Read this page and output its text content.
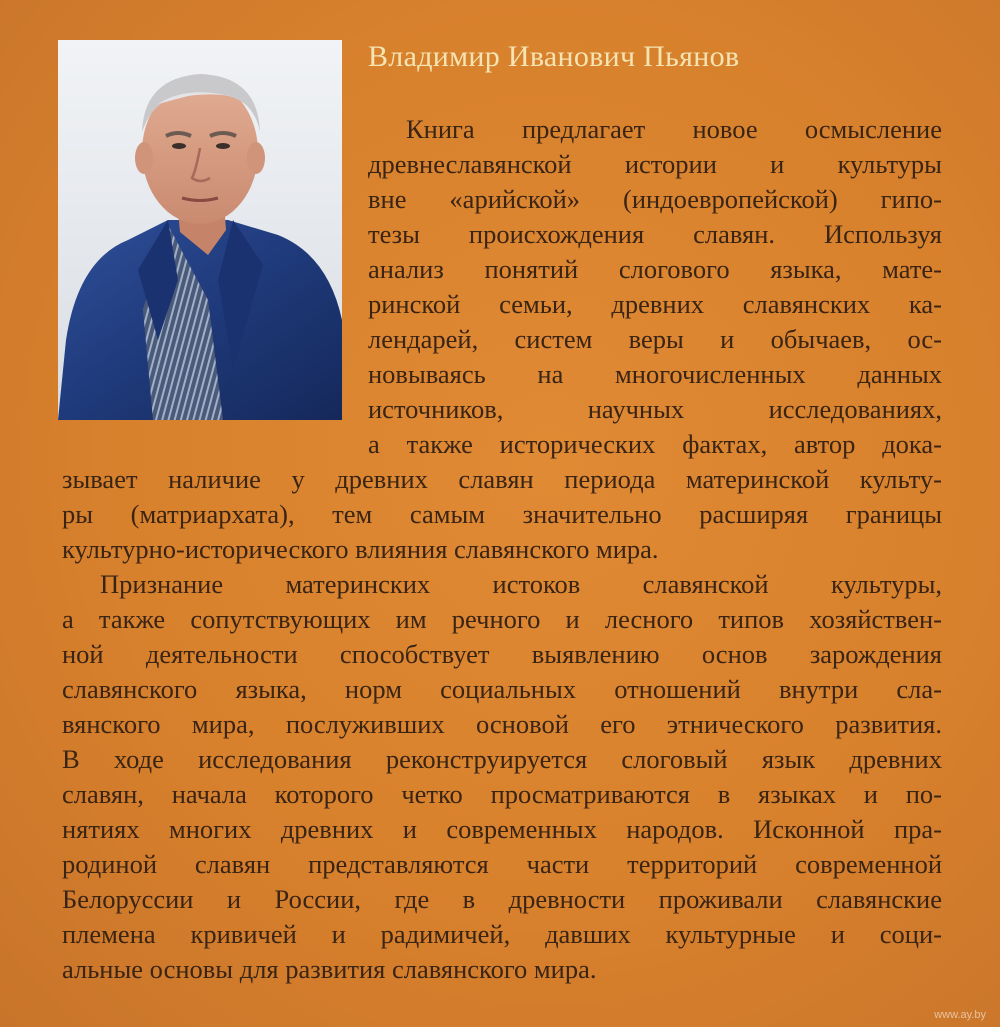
Владимир Иванович Пьянов
Книга предлагает новое осмысление
древнеславянской истории и культуры
вне «арийской» (индоевропейской) гипо-
тезы происхождения славян. Используя
анализ понятий слогового языка, мате-
ринской семьи, древних славянских ка-
лендарей, систем веры и обычаев, ос-
новываясь на многочисленных данных
источников, научных исследованиях,
а также исторических фактах, автор дока-
зывает наличие у древних славян периода материнской культу-
ры (матриархата), тем самым значительно расширяя границы
культурно-исторического влияния славянского мира.
Признание материнских истоков славянской культуры,
а также сопутствующих им речного и лесного типов хозяйствен-
ной деятельности способствует выявлению основ зарождения
славянского языка, норм социальных отношений внутри сла-
вянского мира, послуживших основой его этнического развития.
В ходе исследования реконструируется слоговый язык древних
славян, начала которого четко просматриваются в языках и по-
нятиях многих древних и современных народов. Исконной пра-
родиной славян представляются части территорий современной
Белоруссии и России, где в древности проживали славянские
племена кривичей и радимичей, давших культурные и соци-
альные основы для развития славянского мира.
www.ay.by
